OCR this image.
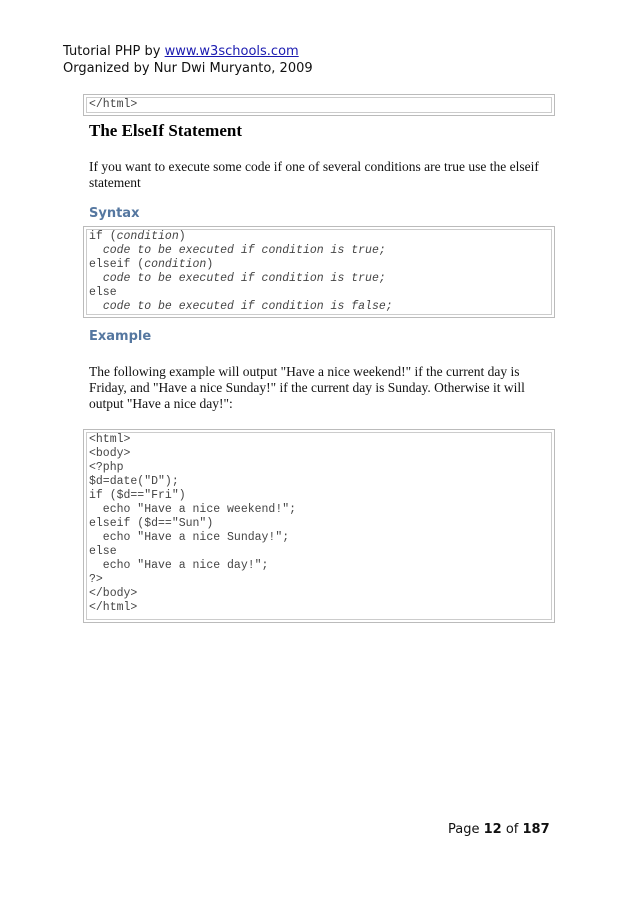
Tutorial PHP by www.w3schools.com
Organized by Nur Dwi Muryanto, 2009
</html>
The ElseIf Statement
If you want to execute some code if one of several conditions are true use the elseif statement
Syntax
if (condition)
code to be executed if condition is true;
elseif (condition)
code to be executed if condition is true;
else
code to be executed if condition is false;
Example
The following example will output "Have a nice weekend!" if the current day is Friday, and "Have a nice Sunday!" if the current day is Sunday. Otherwise it will output "Have a nice day!":
<html>
<body>
<?php
$d=date("D");
if ($d=="Fri")
echo "Have a nice weekend!";
elseif ($d=="Sun")
echo "Have a nice Sunday!";
else
echo "Have a nice day!";
?>
</body>
</html>
Page 12 of 187
